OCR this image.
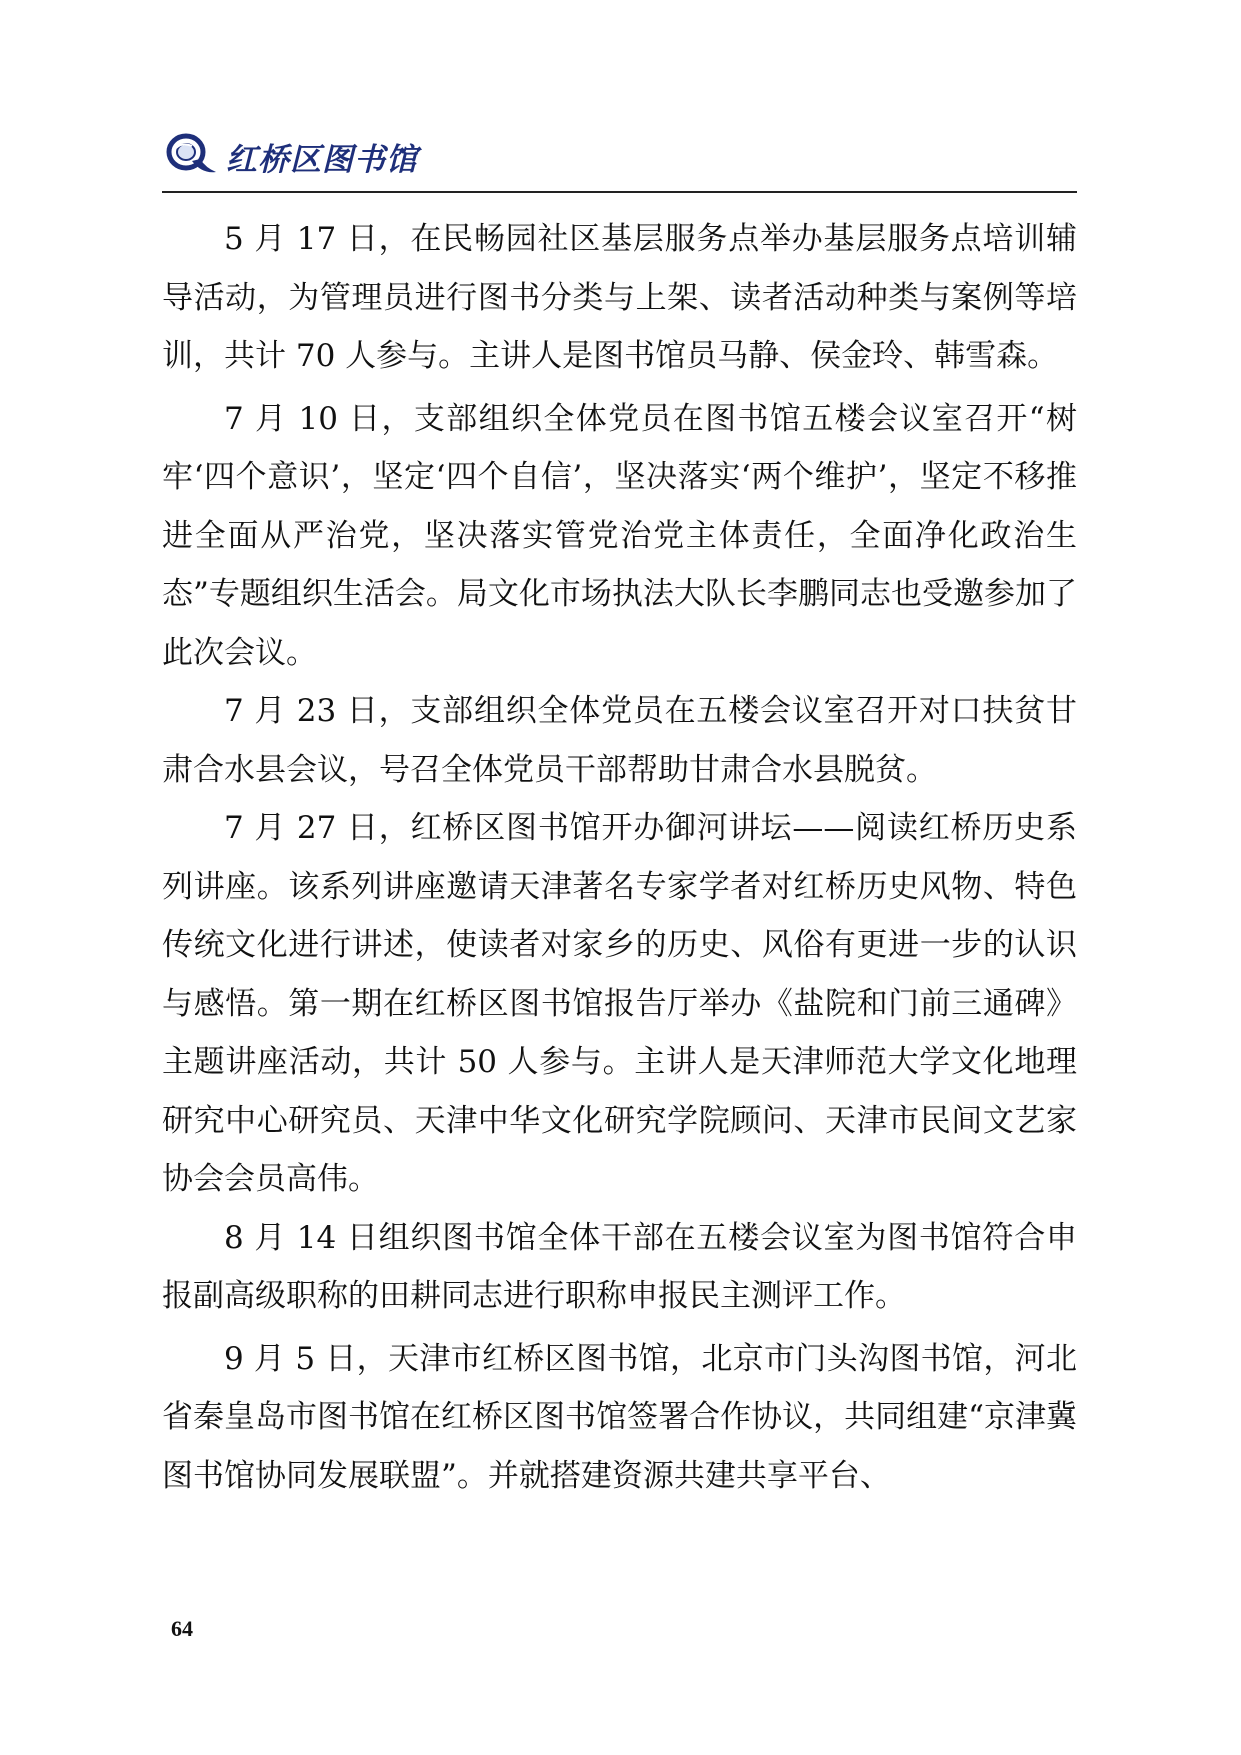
红桥区图书馆

5 月 17 日，在民畅园社区基层服务点举办基层服务点培训辅导活动，为管理员进行图书分类与上架、读者活动种类与案例等培训，共计 70 人参与。主讲人是图书馆员马静、侯金玲、韩雪森。

7 月 10 日，支部组织全体党员在图书馆五楼会议室召开“树牢‘四个意识’，坚定‘四个自信’，坚决落实‘两个维护’，坚定不移推进全面从严治党，坚决落实管党治党主体责任，全面净化政治生态”专题组织生活会。局文化市场执法大队长李鹏同志也受邀参加了此次会议。

7 月 23 日，支部组织全体党员在五楼会议室召开对口扶贫甘肃合水县会议，号召全体党员干部帮助甘肃合水县脱贫。

7 月 27 日，红桥区图书馆开办御河讲坛——阅读红桥历史系列讲座。该系列讲座邀请天津著名专家学者对红桥历史风物、特色传统文化进行讲述，使读者对家乡的历史、风俗有更进一步的认识与感悟。第一期在红桥区图书馆报告厅举办《盐院和门前三通碑》主题讲座活动，共计 50 人参与。主讲人是天津师范大学文化地理研究中心研究员、天津中华文化研究学院顾问、天津市民间文艺家协会会员高伟。

8 月 14 日组织图书馆全体干部在五楼会议室为图书馆符合申报副高级职称的田耕同志进行职称申报民主测评工作。

9 月 5 日，天津市红桥区图书馆，北京市门头沟图书馆，河北省秦皇岛市图书馆在红桥区图书馆签署合作协议，共同组建“京津冀图书馆协同发展联盟”。并就搭建资源共建共享平台、

64
